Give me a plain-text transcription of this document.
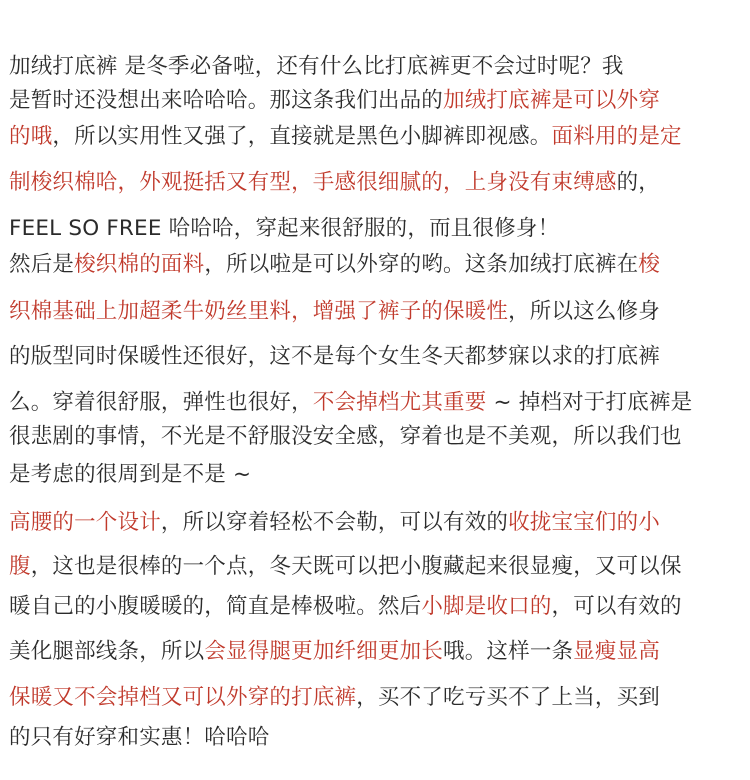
加绒打底裤 是冬季必备啦，还有什么比打底裤更不会过时呢？我
是暂时还没想出来哈哈哈。那这条我们出品的加绒打底裤是可以外穿
的哦，所以实用性又强了，直接就是黑色小脚裤即视感。面料用的是定
制梭织棉哈，外观挺括又有型，手感很细腻的，上身没有束缚感的，
FEEL SO FREE 哈哈哈，穿起来很舒服的，而且很修身！
然后是梭织棉的面料，所以啦是可以外穿的哟。这条加绒打底裤在梭
织棉基础上加超柔牛奶丝里料，增强了裤子的保暖性，所以这么修身
的版型同时保暖性还很好，这不是每个女生冬天都梦寐以求的打底裤
么。穿着很舒服，弹性也很好，不会掉档尤其重要 ~ 掉档对于打底裤是
很悲剧的事情，不光是不舒服没安全感，穿着也是不美观，所以我们也
是考虑的很周到是不是 ~
高腰的一个设计，所以穿着轻松不会勒，可以有效的收拢宝宝们的小
腹，这也是很棒的一个点，冬天既可以把小腹藏起来很显瘦，又可以保
暖自己的小腹暖暖的，简直是棒极啦。然后小脚是收口的，可以有效的
美化腿部线条，所以会显得腿更加纤细更加长哦。这样一条显瘦显高
保暖又不会掉档又可以外穿的打底裤，买不了吃亏买不了上当，买到
的只有好穿和实惠！哈哈哈
